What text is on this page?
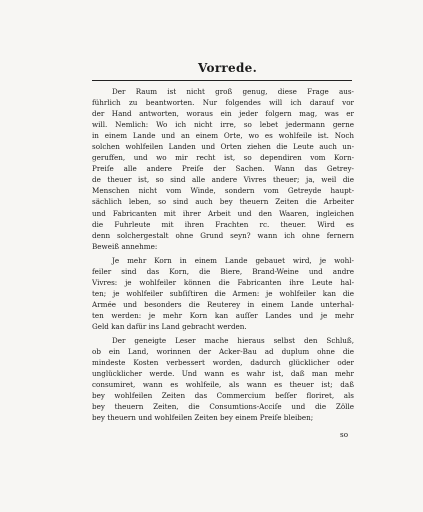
Vorrede.
Der Raum ist nicht groß genug, diese Frage aus-
führlich zu beantworten. Nur folgendes will ich darauf vor
der Hand antworten, woraus ein jeder folgern mag, was er
will. Nemlich: Wo ich nicht irre, so lebet jedermann gerne
in einem Lande und an einem Orte, wo es wohlfeile ist. Noch
solchen wohlfeilen Landen und Orten ziehen die Leute auch un-
geruffen, und wo mir recht ist, so dependiren vom Korn-
Preiſe alle andere Preiſe der Sachen. Wann das Getrey-
de theuer ist, so sind alle andere Vivres theuer; ja, weil die
Menschen nicht vom Winde, sondern vom Getreyde haupt-
sächlich leben, so sind auch bey theuern Zeiten die Arbeiter
und Fabricanten mit ihrer Arbeit und den Waaren, ingleichen
die Fuhrleute mit ihren Frachten rc. theuer. Wird es
denn solchergestalt ohne Grund seyn? wann ich ohne fernern
Beweiß annehme:
Je mehr Korn in einem Lande gebauet wird, je wohl-
feiler sind das Korn, die Biere, Brand-Weine und andre
Vivres: je wohlfeiler können die Fabricanten ihre Leute hal-
ten; je wohlfeiler subſiſtiren die Armen: je wohlfeiler kan die
Armée und besonders die Reuterey in einem Lande unterhal-
ten werden: je mehr Korn kan auſſer Landes und je mehr
Geld kan dafür ins Land gebracht werden.
Der geneigte Leser mache hieraus selbst den Schluß,
ob ein Land, worinnen der Acker-Bau ad duplum ohne die
mindeste Kosten verbessert worden, dadurch glücklicher oder
unglücklicher werde. Und wann es wahr ist, daß man mehr
consumiret, wann es wohlfeile, als wann es theuer ist; daß
bey wohlfeilen Zeiten das Commercium beſſer floriret, als
bey theuern Zeiten, die Consumtions-Acciſe und die Zölle
bey theuern und wohlfeilen Zeiten bey einem Preiſe bleiben;
so
